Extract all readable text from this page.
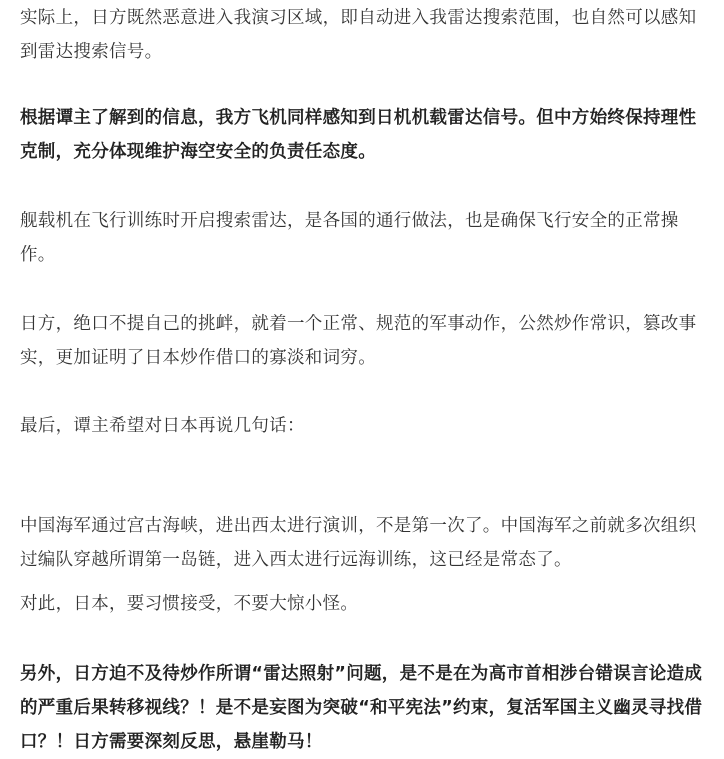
实际上，日方既然恶意进入我演习区域，即自动进入我雷达搜索范围，也自然可以感知到雷达搜索信号。

根据谭主了解到的信息，我方飞机同样感知到日机机载雷达信号。但中方始终保持理性克制，充分体现维护海空安全的负责任态度。

舰载机在飞行训练时开启搜索雷达，是各国的通行做法，也是确保飞行安全的正常操作。

日方，绝口不提自己的挑衅，就着一个正常、规范的军事动作，公然炒作常识，篡改事实，更加证明了日本炒作借口的寡淡和词穷。

最后，谭主希望对日本再说几句话：

中国海军通过宫古海峡，进出西太进行演训，不是第一次了。中国海军之前就多次组织过编队穿越所谓第一岛链，进入西太进行远海训练，这已经是常态了。

对此，日本，要习惯接受，不要大惊小怪。

另外，日方迫不及待炒作所谓“雷达照射”问题，是不是在为高市首相涉台错误言论造成的严重后果转移视线？！是不是妄图为突破“和平宪法”约束，复活军国主义幽灵寻找借口？！日方需要深刻反思，悬崖勒马！
